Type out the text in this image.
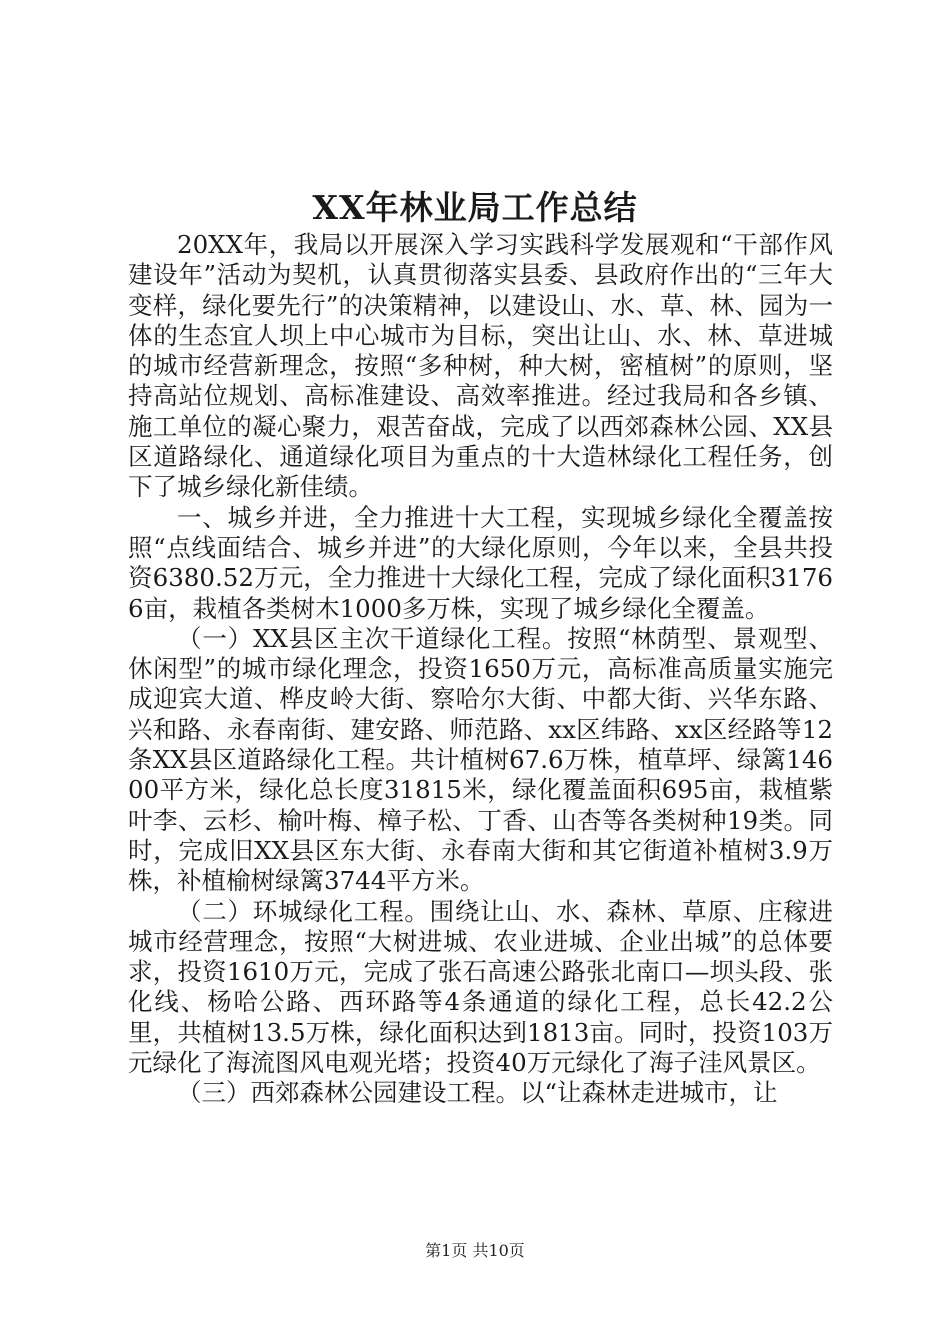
XX年林业局工作总结

20XX年，我局以开展深入学习实践科学发展观和“干部作风建设年”活动为契机，认真贯彻落实县委、县政府作出的“三年大变样，绿化要先行”的决策精神，以建设山、水、草、林、园为一体的生态宜人坝上中心城市为目标，突出让山、水、林、草进城的城市经营新理念，按照“多种树，种大树，密植树”的原则，坚持高站位规划、高标准建设、高效率推进。经过我局和各乡镇、施工单位的凝心聚力，艰苦奋战，完成了以西郊森林公园、XX县区道路绿化、通道绿化项目为重点的十大造林绿化工程任务，创下了城乡绿化新佳绩。

一、城乡并进，全力推进十大工程，实现城乡绿化全覆盖按照“点线面结合、城乡并进”的大绿化原则，今年以来，全县共投资6380.52万元，全力推进十大绿化工程，完成了绿化面积31766亩，栽植各类树木1000多万株，实现了城乡绿化全覆盖。

（一）XX县区主次干道绿化工程。按照“林荫型、景观型、休闲型”的城市绿化理念，投资1650万元，高标准高质量实施完成迎宾大道、桦皮岭大街、察哈尔大街、中都大街、兴华东路、兴和路、永春南街、建安路、师范路、xx区纬路、xx区经路等12条XX县区道路绿化工程。共计植树67.6万株，植草坪、绿篱14600平方米，绿化总长度31815米，绿化覆盖面积695亩，栽植紫叶李、云杉、榆叶梅、樟子松、丁香、山杏等各类树种19类。同时，完成旧XX县区东大街、永春南大街和其它街道补植树3.9万株，补植榆树绿篱3744平方米。

（二）环城绿化工程。围绕让山、水、森林、草原、庄稼进城市经营理念，按照“大树进城、农业进城、企业出城”的总体要求，投资1610万元，完成了张石高速公路张北南口—坝头段、张化线、杨哈公路、西环路等4条通道的绿化工程，总长42.2公里，共植树13.5万株，绿化面积达到1813亩。同时，投资103万元绿化了海流图风电观光塔；投资40万元绿化了海子洼风景区。

（三）西郊森林公园建设工程。以“让森林走进城市，让

第1页 共10页
